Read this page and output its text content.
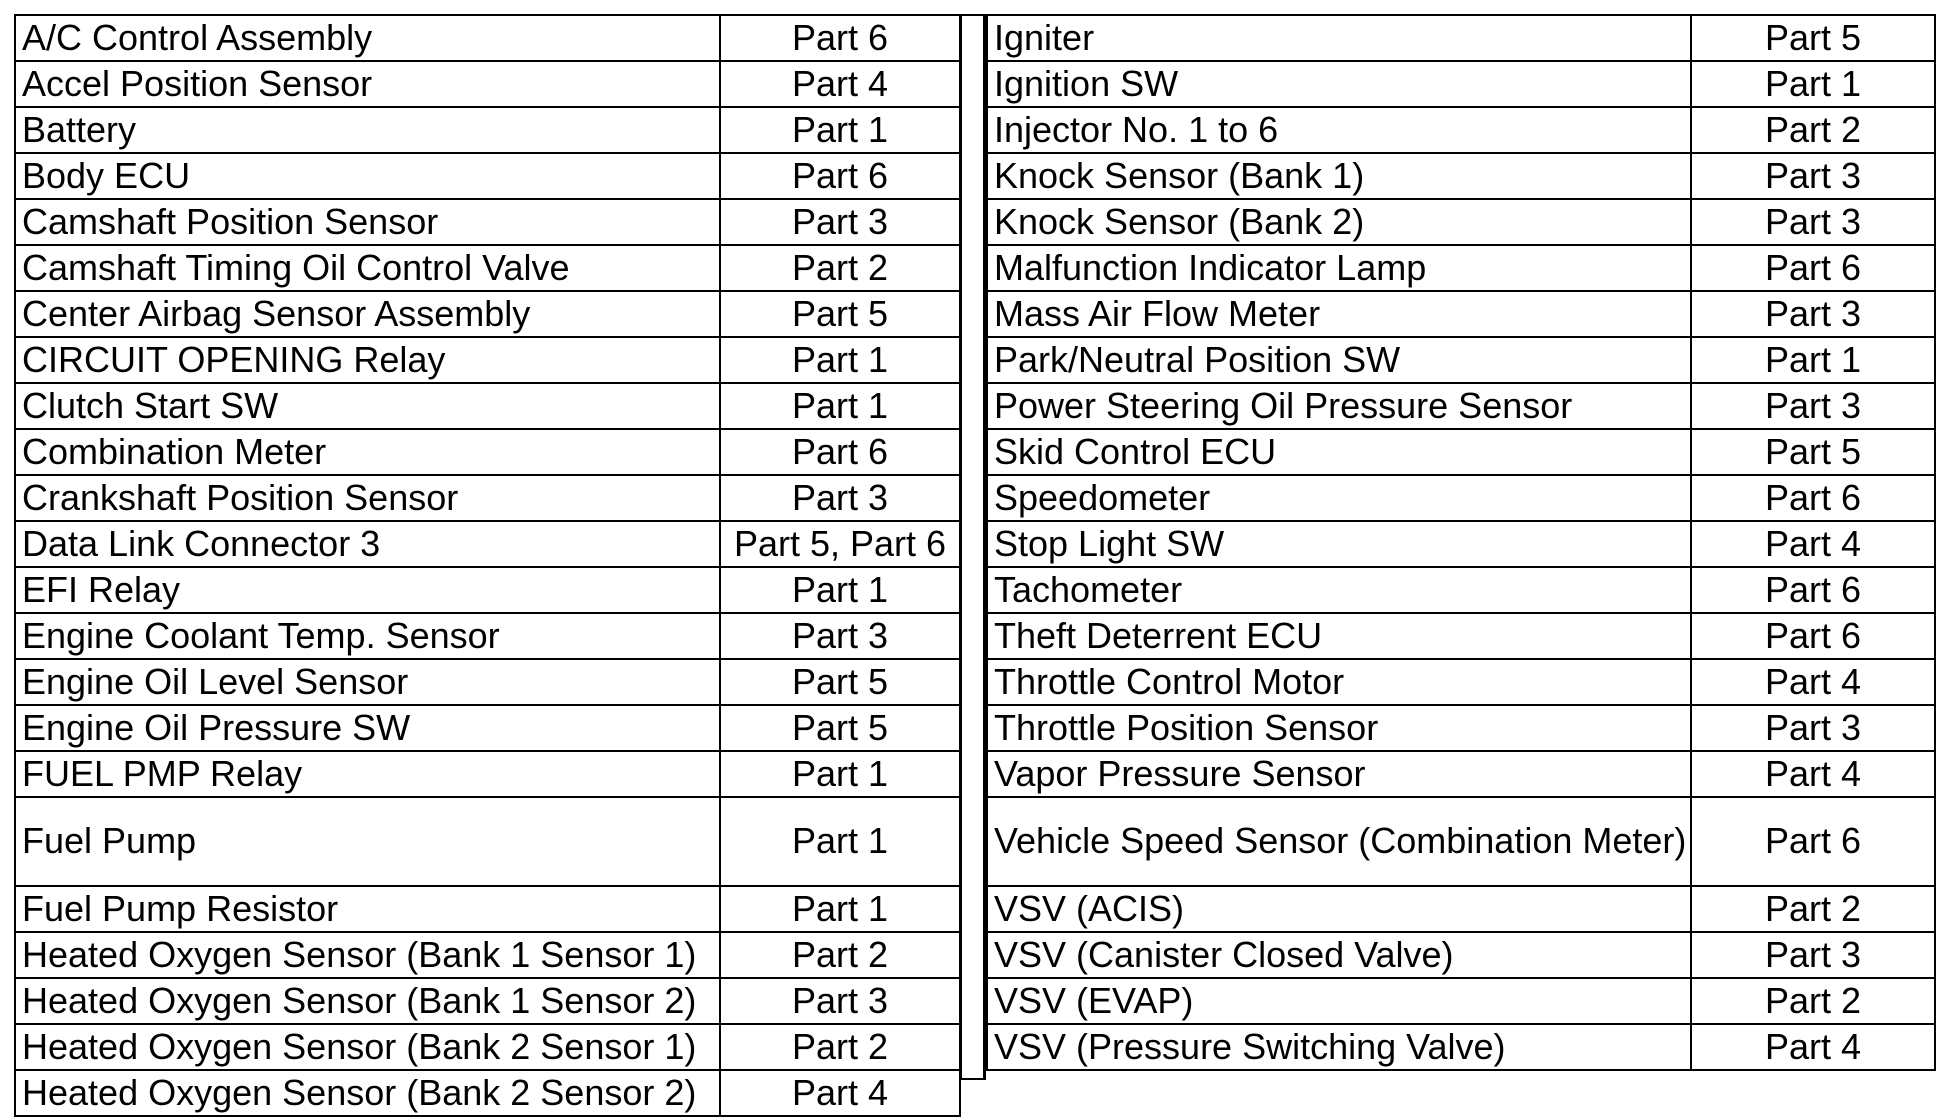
A/C Control Assembly	Part 6
Accel Position Sensor	Part 4
Battery	Part 1
Body ECU	Part 6
Camshaft Position Sensor	Part 3
Camshaft Timing Oil Control Valve	Part 2
Center Airbag Sensor Assembly	Part 5
CIRCUIT OPENING Relay	Part 1
Clutch Start SW	Part 1
Combination Meter	Part 6
Crankshaft Position Sensor	Part 3
Data Link Connector 3	Part 5, Part 6
EFI Relay	Part 1
Engine Coolant Temp. Sensor	Part 3
Engine Oil Level Sensor	Part 5
Engine Oil Pressure SW	Part 5
FUEL PMP Relay	Part 1
Fuel Pump	Part 1
Fuel Pump Resistor	Part 1
Heated Oxygen Sensor (Bank 1 Sensor 1)	Part 2
Heated Oxygen Sensor (Bank 1 Sensor 2)	Part 3
Heated Oxygen Sensor (Bank 2 Sensor 1)	Part 2
Heated Oxygen Sensor (Bank 2 Sensor 2)	Part 4
Igniter	Part 5
Ignition SW	Part 1
Injector No. 1 to 6	Part 2
Knock Sensor (Bank 1)	Part 3
Knock Sensor (Bank 2)	Part 3
Malfunction Indicator Lamp	Part 6
Mass Air Flow Meter	Part 3
Park/Neutral Position SW	Part 1
Power Steering Oil Pressure Sensor	Part 3
Skid Control ECU	Part 5
Speedometer	Part 6
Stop Light SW	Part 4
Tachometer	Part 6
Theft Deterrent ECU	Part 6
Throttle Control Motor	Part 4
Throttle Position Sensor	Part 3
Vapor Pressure Sensor	Part 4
Vehicle Speed Sensor (Combination Meter)	Part 6
VSV (ACIS)	Part 2
VSV (Canister Closed Valve)	Part 3
VSV (EVAP)	Part 2
VSV (Pressure Switching Valve)	Part 4
